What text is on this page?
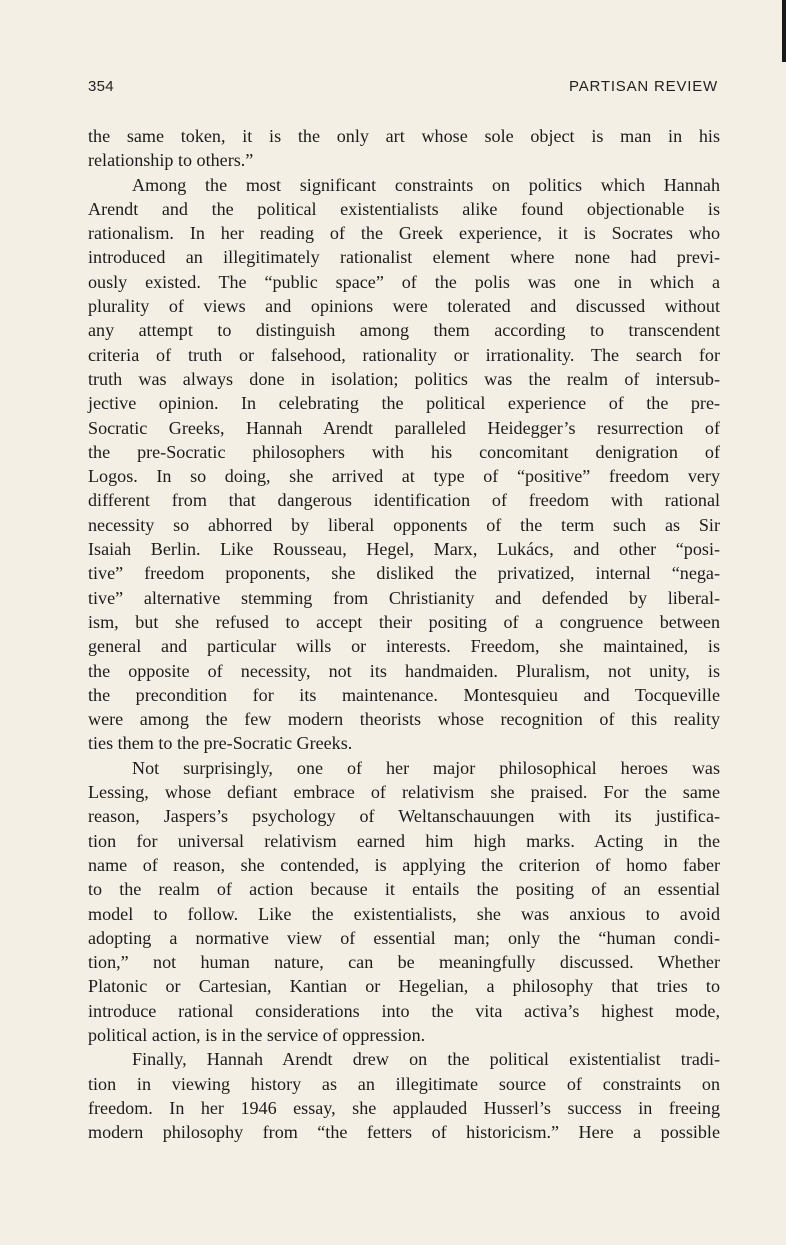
354	PARTISAN REVIEW
the same token, it is the only art whose sole object is man in his
relationship to others.”
Among the most significant constraints on politics which Hannah
Arendt and the political existentialists alike found objectionable is
rationalism. In her reading of the Greek experience, it is Socrates who
introduced an illegitimately rationalist element where none had previ-
ously existed. The “public space” of the polis was one in which a
plurality of views and opinions were tolerated and discussed without
any attempt to distinguish among them according to transcendent
criteria of truth or falsehood, rationality or irrationality. The search for
truth was always done in isolation; politics was the realm of intersub-
jective opinion. In celebrating the political experience of the pre-
Socratic Greeks, Hannah Arendt paralleled Heidegger’s resurrection of
the pre-Socratic philosophers with his concomitant denigration of
Logos. In so doing, she arrived at type of “positive” freedom very
different from that dangerous identification of freedom with rational
necessity so abhorred by liberal opponents of the term such as Sir
Isaiah Berlin. Like Rousseau, Hegel, Marx, Lukács, and other “posi-
tive” freedom proponents, she disliked the privatized, internal “nega-
tive” alternative stemming from Christianity and defended by liberal-
ism, but she refused to accept their positing of a congruence between
general and particular wills or interests. Freedom, she maintained, is
the opposite of necessity, not its handmaiden. Pluralism, not unity, is
the precondition for its maintenance. Montesquieu and Tocqueville
were among the few modern theorists whose recognition of this reality
ties them to the pre-Socratic Greeks.
Not surprisingly, one of her major philosophical heroes was
Lessing, whose defiant embrace of relativism she praised. For the same
reason, Jaspers’s psychology of Weltanschauungen with its justifica-
tion for universal relativism earned him high marks. Acting in the
name of reason, she contended, is applying the criterion of homo faber
to the realm of action because it entails the positing of an essential
model to follow. Like the existentialists, she was anxious to avoid
adopting a normative view of essential man; only the “human condi-
tion,” not human nature, can be meaningfully discussed. Whether
Platonic or Cartesian, Kantian or Hegelian, a philosophy that tries to
introduce rational considerations into the vita activa’s highest mode,
political action, is in the service of oppression.
Finally, Hannah Arendt drew on the political existentialist tradi-
tion in viewing history as an illegitimate source of constraints on
freedom. In her 1946 essay, she applauded Husserl’s success in freeing
modern philosophy from “the fetters of historicism.” Here a possible
